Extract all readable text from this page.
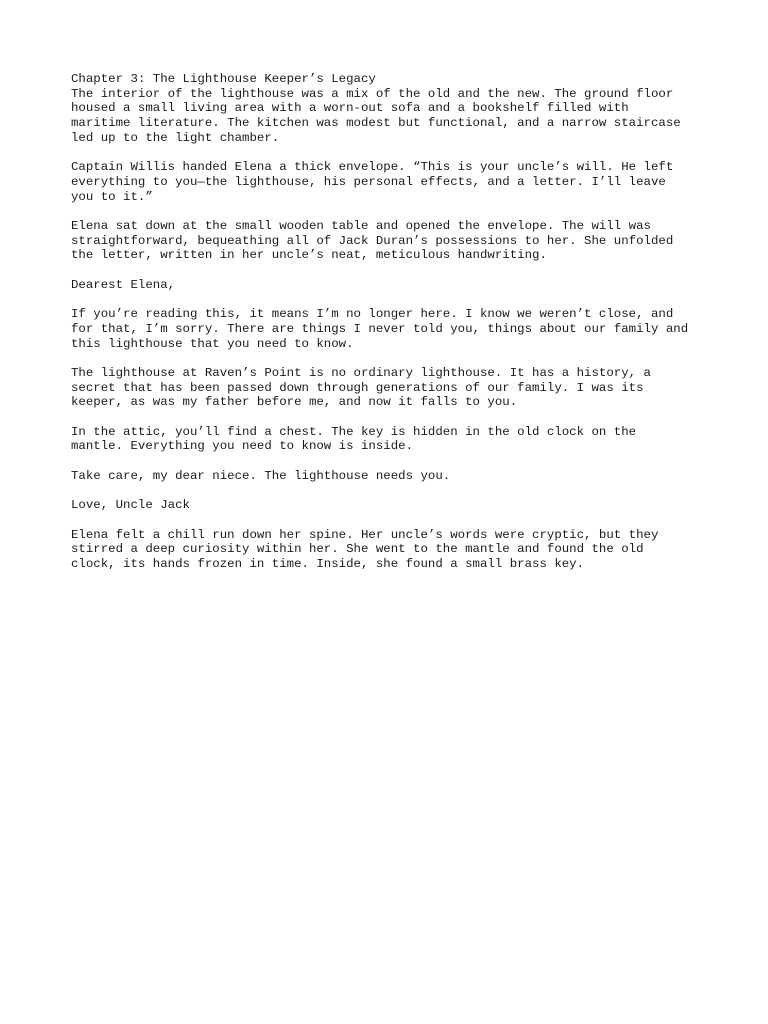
Chapter 3: The Lighthouse Keeper’s Legacy

The interior of the lighthouse was a mix of the old and the new. The ground floor
housed a small living area with a worn-out sofa and a bookshelf filled with
maritime literature. The kitchen was modest but functional, and a narrow staircase
led up to the light chamber.

Captain Willis handed Elena a thick envelope. “This is your uncle’s will. He left
everything to you—the lighthouse, his personal effects, and a letter. I’ll leave
you to it.”

Elena sat down at the small wooden table and opened the envelope. The will was
straightforward, bequeathing all of Jack Duran’s possessions to her. She unfolded
the letter, written in her uncle’s neat, meticulous handwriting.

Dearest Elena,

If you’re reading this, it means I’m no longer here. I know we weren’t close, and
for that, I’m sorry. There are things I never told you, things about our family and
this lighthouse that you need to know.

The lighthouse at Raven’s Point is no ordinary lighthouse. It has a history, a
secret that has been passed down through generations of our family. I was its
keeper, as was my father before me, and now it falls to you.

In the attic, you’ll find a chest. The key is hidden in the old clock on the
mantle. Everything you need to know is inside.

Take care, my dear niece. The lighthouse needs you.

Love, Uncle Jack

Elena felt a chill run down her spine. Her uncle’s words were cryptic, but they
stirred a deep curiosity within her. She went to the mantle and found the old
clock, its hands frozen in time. Inside, she found a small brass key.
